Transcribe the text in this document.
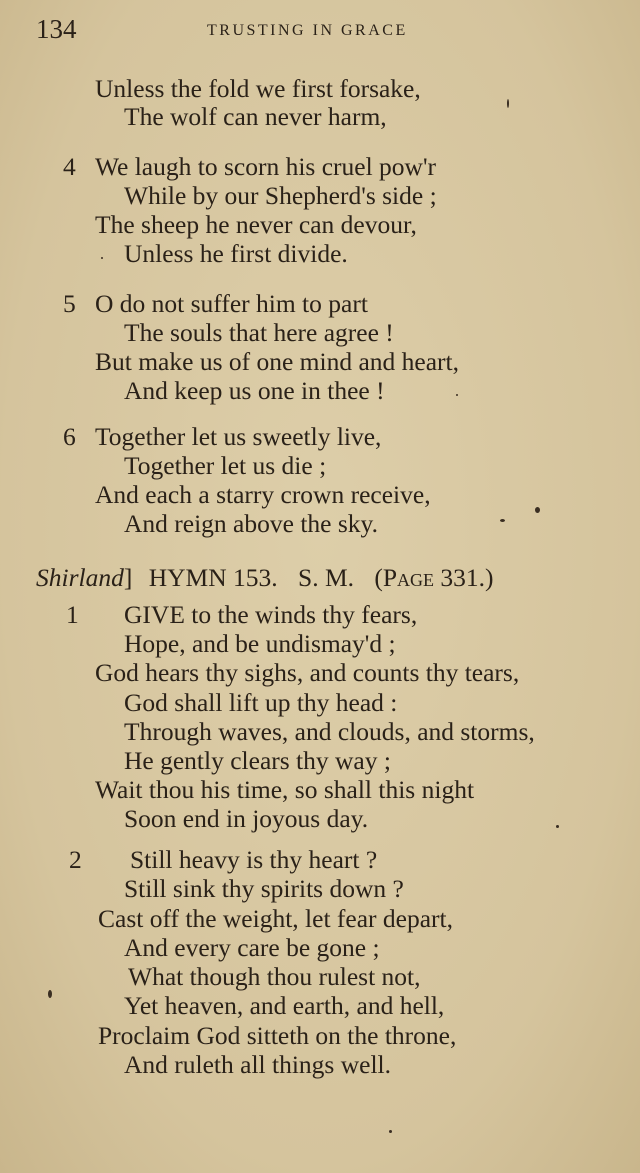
134	TRUSTING IN GRACE
Unless the fold we first forsake,
The wolf can never harm,
4 We laugh to scorn his cruel pow'r
While by our Shepherd's side ;
The sheep he never can devour,
Unless he first divide.
5 O do not suffer him to part
The souls that here agree !
But make us of one mind and heart,
And keep us one in thee !
6 Together let us sweetly live,
Together let us die ;
And each a starry crown receive,
And reign above the sky.
Shirland] HYMN 153. S. M. (Page 331.)
1 GIVE to the winds thy fears,
Hope, and be undismay'd ;
God hears thy sighs, and counts thy tears,
God shall lift up thy head :
Through waves, and clouds, and storms,
He gently clears thy way ;
Wait thou his time, so shall this night
Soon end in joyous day.
2 Still heavy is thy heart ?
Still sink thy spirits down ?
Cast off the weight, let fear depart,
And every care be gone ;
What though thou rulest not,
Yet heaven, and earth, and hell,
Proclaim God sitteth on the throne,
And ruleth all things well.
